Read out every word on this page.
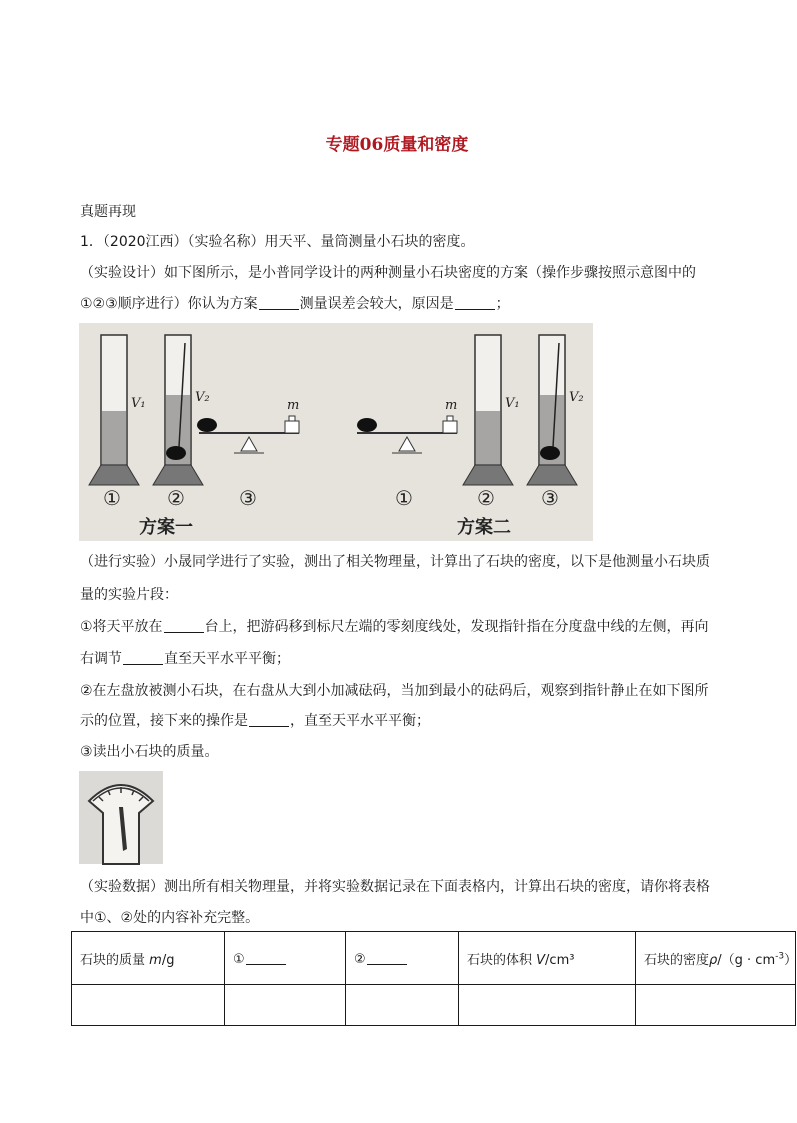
专题06质量和密度
真题再现
1．（2020江西）（实验名称）用天平、量筒测量小石块的密度。
（实验设计）如下图所示，是小普同学设计的两种测量小石块密度的方案（操作步骤按照示意图中的
①②③顺序进行）你认为方案	测量误差会较大，原因是	；
V₁	V₂
m	m	V₁	V₂
① ②	③	①	② ③
方案一	方案二
（进行实验）小晟同学进行了实验，测出了相关物理量，计算出了石块的密度，以下是他测量小石块质
量的实验片段：
①将天平放在	台上，把游码移到标尺左端的零刻度线处，发现指针指在分度盘中线的左侧，再向
右调节	直至天平水平平衡；
②在左盘放被测小石块，在右盘从大到小加减砝码，当加到最小的砝码后，观察到指针静止在如下图所
示的位置，接下来的操作是	，直至天平水平平衡；
③读出小石块的质量。
（实验数据）测出所有相关物理量，并将实验数据记录在下面表格内，计算出石块的密度，请你将表格
中①、②处的内容补充完整。
石块的质量 m/g	①	②	石块的体积 V/cm³	石块的密度$\rho/(g \cdot cm^{-3})$
